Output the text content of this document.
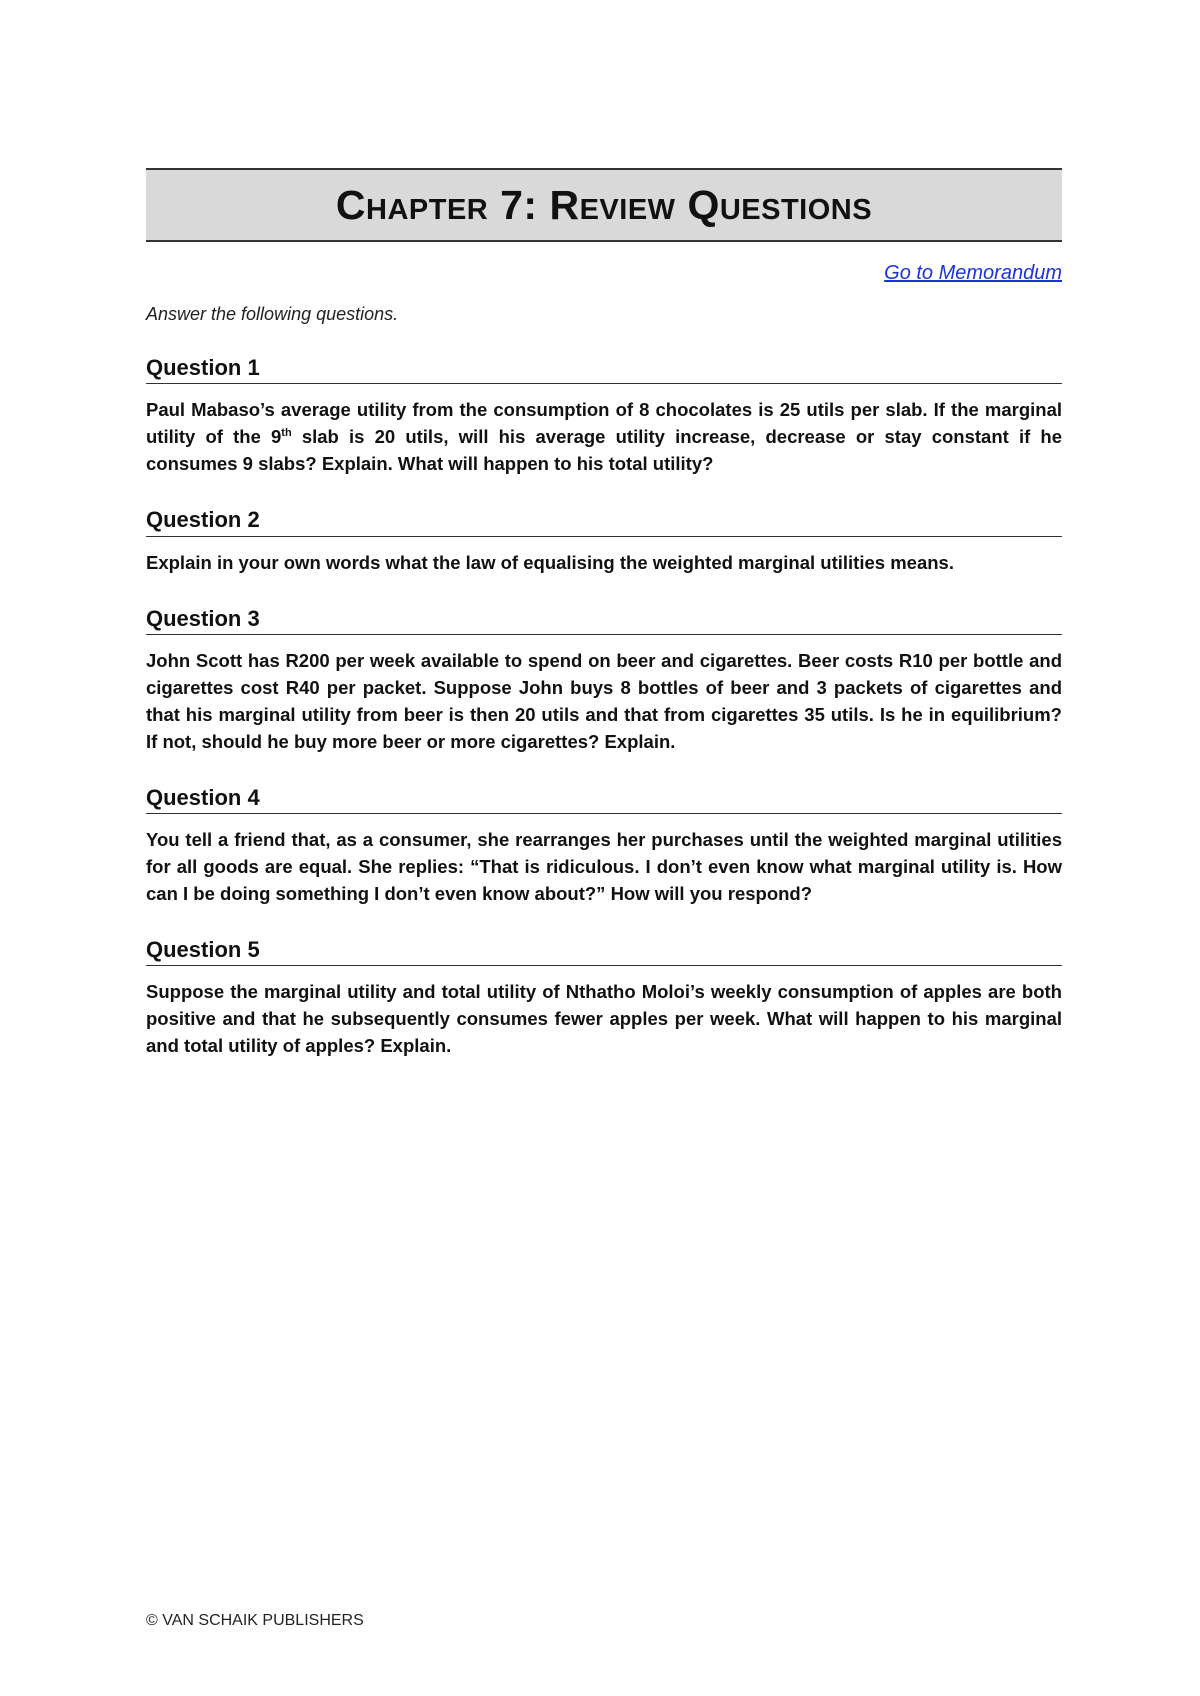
Chapter 7: Review Questions
Go to Memorandum
Answer the following questions.
Question 1

Paul Mabaso’s average utility from the consumption of 8 chocolates is 25 utils per slab. If the marginal utility of the 9th slab is 20 utils, will his average utility increase, decrease or stay constant if he consumes 9 slabs? Explain. What will happen to his total utility?

Question 2

Explain in your own words what the law of equalising the weighted marginal utilities means.

Question 3

John Scott has R200 per week available to spend on beer and cigarettes. Beer costs R10 per bottle and cigarettes cost R40 per packet. Suppose John buys 8 bottles of beer and 3 packets of cigarettes and that his marginal utility from beer is then 20 utils and that from cigarettes 35 utils. Is he in equilibrium? If not, should he buy more beer or more cigarettes? Explain.

Question 4

You tell a friend that, as a consumer, she rearranges her purchases until the weighted marginal utilities for all goods are equal. She replies: “That is ridiculous. I don’t even know what marginal utility is. How can I be doing something I don’t even know about?” How will you respond?

Question 5

Suppose the marginal utility and total utility of Nthatho Moloi’s weekly consumption of apples are both positive and that he subsequently consumes fewer apples per week. What will happen to his marginal and total utility of apples? Explain.

© VAN SCHAIK PUBLISHERS
